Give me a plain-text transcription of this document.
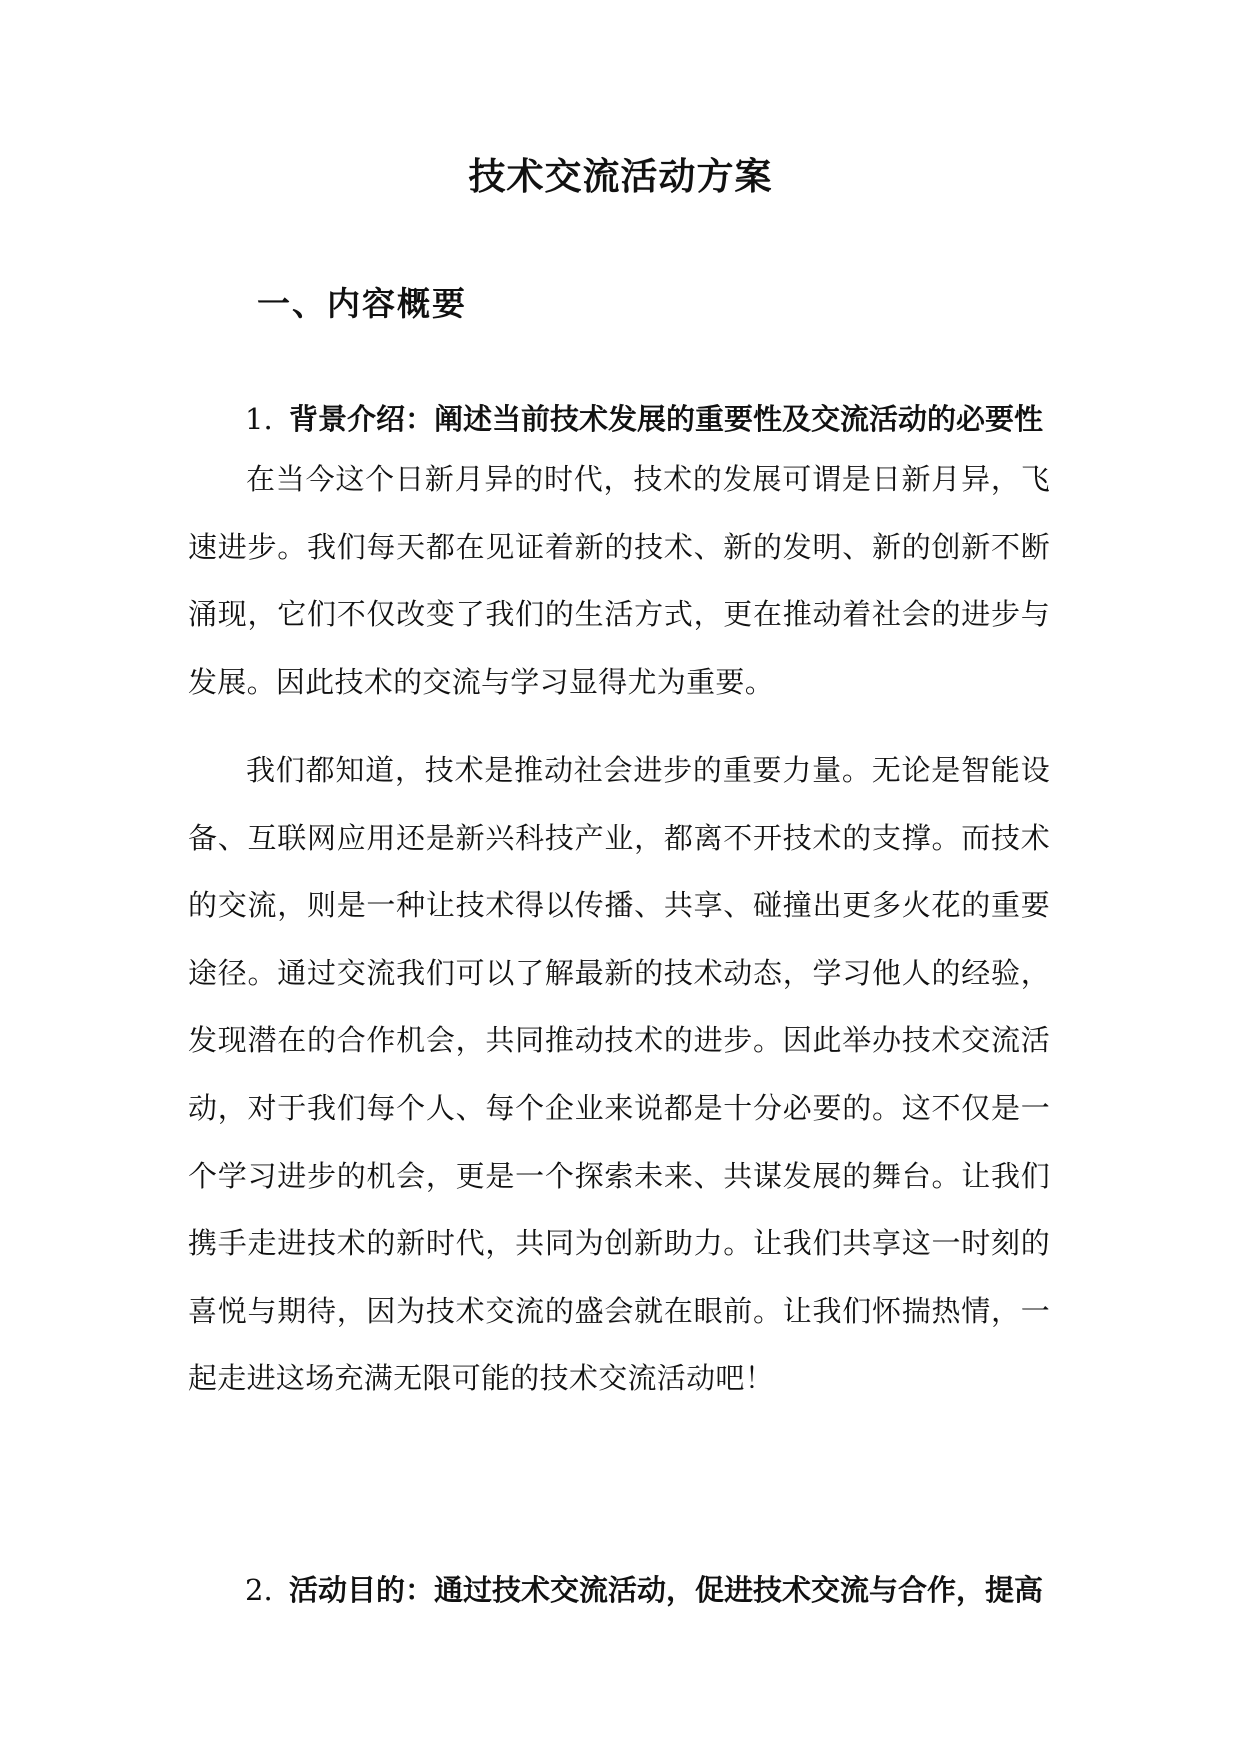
技术交流活动方案
一、内容概要
1. 背景介绍：阐述当前技术发展的重要性及交流活动的必要性

在当今这个日新月异的时代，技术的发展可谓是日新月异，飞速进步。我们每天都在见证着新的技术、新的发明、新的创新不断涌现，它们不仅改变了我们的生活方式，更在推动着社会的进步与发展。因此技术的交流与学习显得尤为重要。

我们都知道，技术是推动社会进步的重要力量。无论是智能设备、互联网应用还是新兴科技产业，都离不开技术的支撑。而技术的交流，则是一种让技术得以传播、共享、碰撞出更多火花的重要途径。通过交流我们可以了解最新的技术动态，学习他人的经验，发现潜在的合作机会，共同推动技术的进步。因此举办技术交流活动，对于我们每个人、每个企业来说都是十分必要的。这不仅是一个学习进步的机会，更是一个探索未来、共谋发展的舞台。让我们携手走进技术的新时代，共同为创新助力。让我们共享这一时刻的喜悦与期待，因为技术交流的盛会就在眼前。让我们怀揣热情，一起走进这场充满无限可能的技术交流活动吧！

2. 活动目的：通过技术交流活动，促进技术交流与合作，提高
